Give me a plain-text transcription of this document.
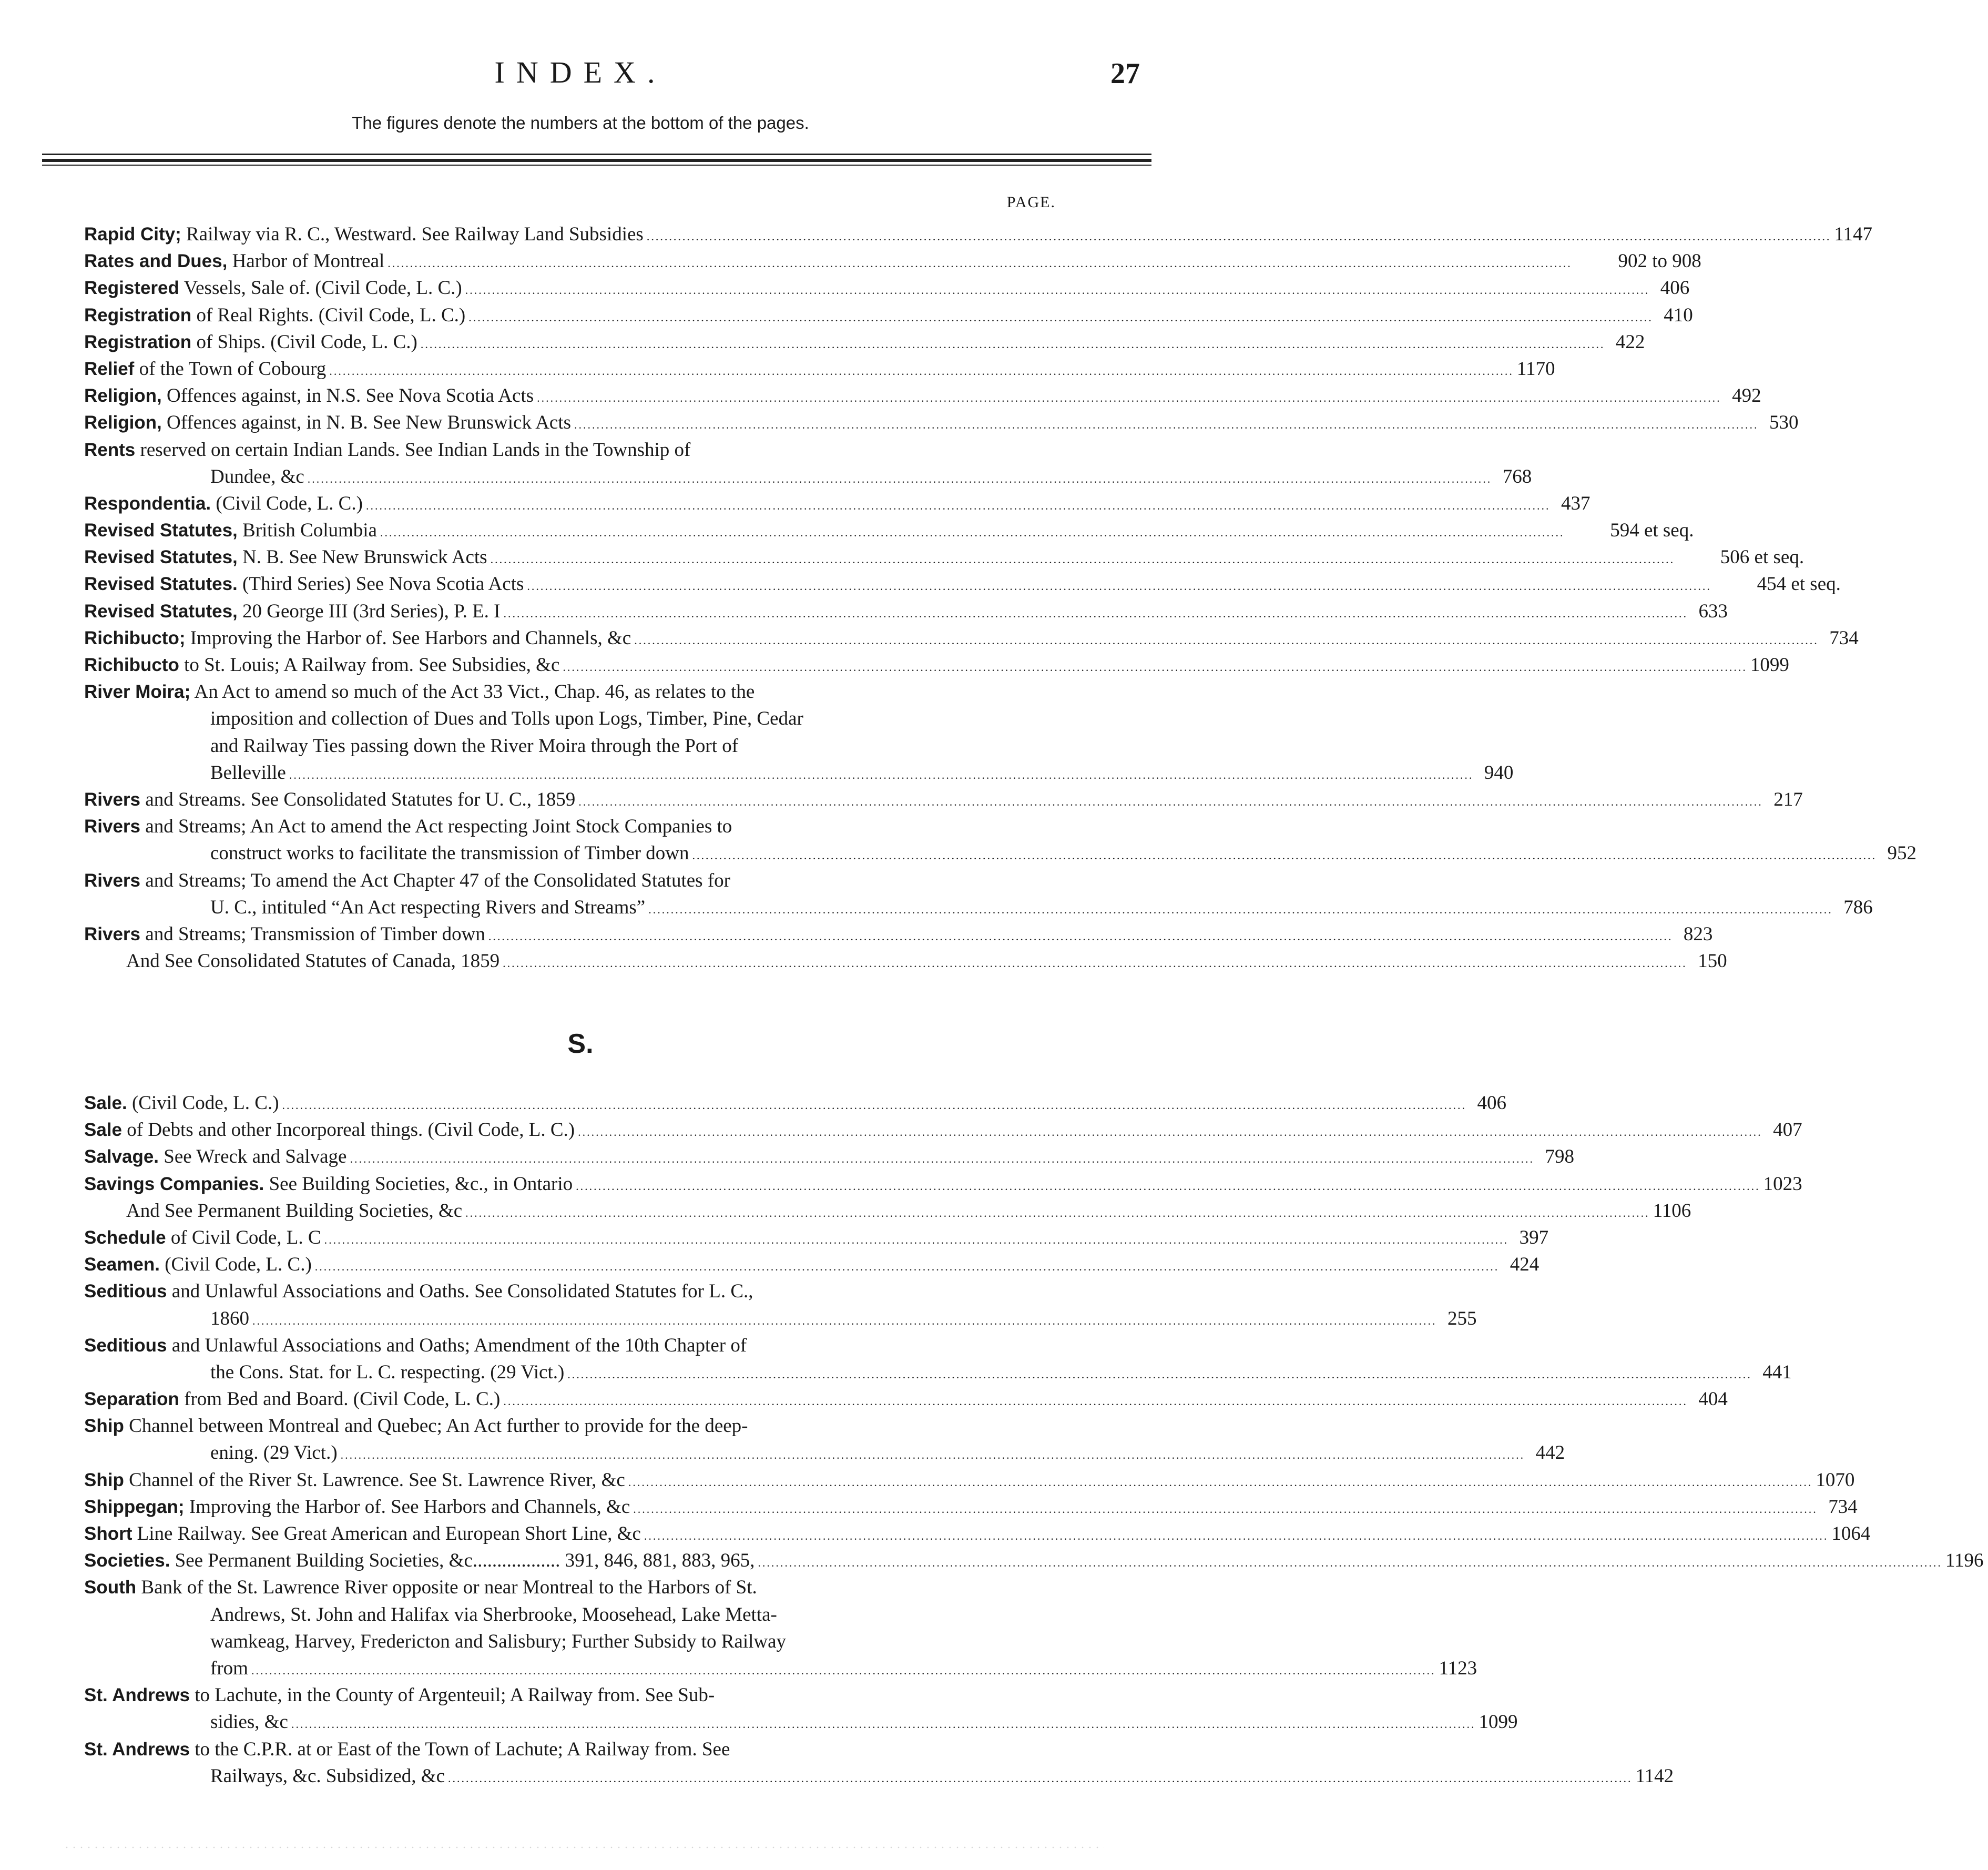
INDEX.	27
The figures denote the numbers at the bottom of the pages.
PAGE.
Rapid City; Railway via R. C., Westward. See Railway Land Subsidies .....	1147
Rates and Dues, Harbor of Montreal .....	902 to 908
Registered Vessels, Sale of. (Civil Code, L. C.) .....	406
Registration of Real Rights. (Civil Code, L. C.) .....	410
Registration of Ships. (Civil Code, L. C.) .....	422
Relief of the Town of Cobourg .....	1170
Religion, Offences against, in N.S. See Nova Scotia Acts .....	492
Religion, Offences against, in N. B. See New Brunswick Acts .....	530
Rents reserved on certain Indian Lands. See Indian Lands in the Township of
Dundee, &c .....	768
Respondentia. (Civil Code, L. C.) .....	437
Revised Statutes, British Columbia .....	594 et seq.
Revised Statutes, N. B. See New Brunswick Acts .....	506 et seq.
Revised Statutes. (Third Series) See Nova Scotia Acts .....	454 et seq.
Revised Statutes, 20 George III (3rd Series), P. E. I .....	633
Richibucto; Improving the Harbor of. See Harbors and Channels, &c .....	734
Richibucto to St. Louis; A Railway from. See Subsidies, &c .....	1099
River Moira; An Act to amend so much of the Act 33 Vict., Chap. 46, as relates to the
imposition and collection of Dues and Tolls upon Logs, Timber, Pine, Cedar
and Railway Ties passing down the River Moira through the Port of
Belleville .....	940
Rivers and Streams. See Consolidated Statutes for U. C., 1859 .....	217
Rivers and Streams; An Act to amend the Act respecting Joint Stock Companies to
construct works to facilitate the transmission of Timber down .....	952
Rivers and Streams; To amend the Act Chapter 47 of the Consolidated Statutes for
U. C., intituled “An Act respecting Rivers and Streams” .....	786
Rivers and Streams; Transmission of Timber down .....	823
And See Consolidated Statutes of Canada, 1859 .....	150
S.
Sale. (Civil Code, L. C.) .....	406
Sale of Debts and other Incorporeal things. (Civil Code, L. C.) .....	407
Salvage. See Wreck and Salvage .....	798
Savings Companies. See Building Societies, &c., in Ontario .....	1023
And See Permanent Building Societies, &c .....	1106
Schedule of Civil Code, L. C .....	397
Seamen. (Civil Code, L. C.) .....	424
Seditious and Unlawful Associations and Oaths. See Consolidated Statutes for L. C.,
1860 .....	255
Seditious and Unlawful Associations and Oaths; Amendment of the 10th Chapter of
the Cons. Stat. for L. C. respecting. (29 Vict.) .....	441
Separation from Bed and Board. (Civil Code, L. C.) .....	404
Ship Channel between Montreal and Quebec; An Act further to provide for the deep-
ening. (29 Vict.) .....	442
Ship Channel of the River St. Lawrence. See St. Lawrence River, &c .....	1070
Shippegan; Improving the Harbor of. See Harbors and Channels, &c .....	734
Short Line Railway. See Great American and European Short Line, &c .....	1064
Societies. See Permanent Building Societies, &c.................. 391, 846, 881, 883, 965, .....	1196
South Bank of the St. Lawrence River opposite or near Montreal to the Harbors of St.
Andrews, St. John and Halifax via Sherbrooke, Moosehead, Lake Metta-
wamkeag, Harvey, Fredericton and Salisbury; Further Subsidy to Railway
from .....	1123
St. Andrews to Lachute, in the County of Argenteuil; A Railway from. See Sub-
sidies, &c .....	1099
St. Andrews to the C.P.R. at or East of the Town of Lachute; A Railway from. See
Railways, &c. Subsidized, &c .....	1142
